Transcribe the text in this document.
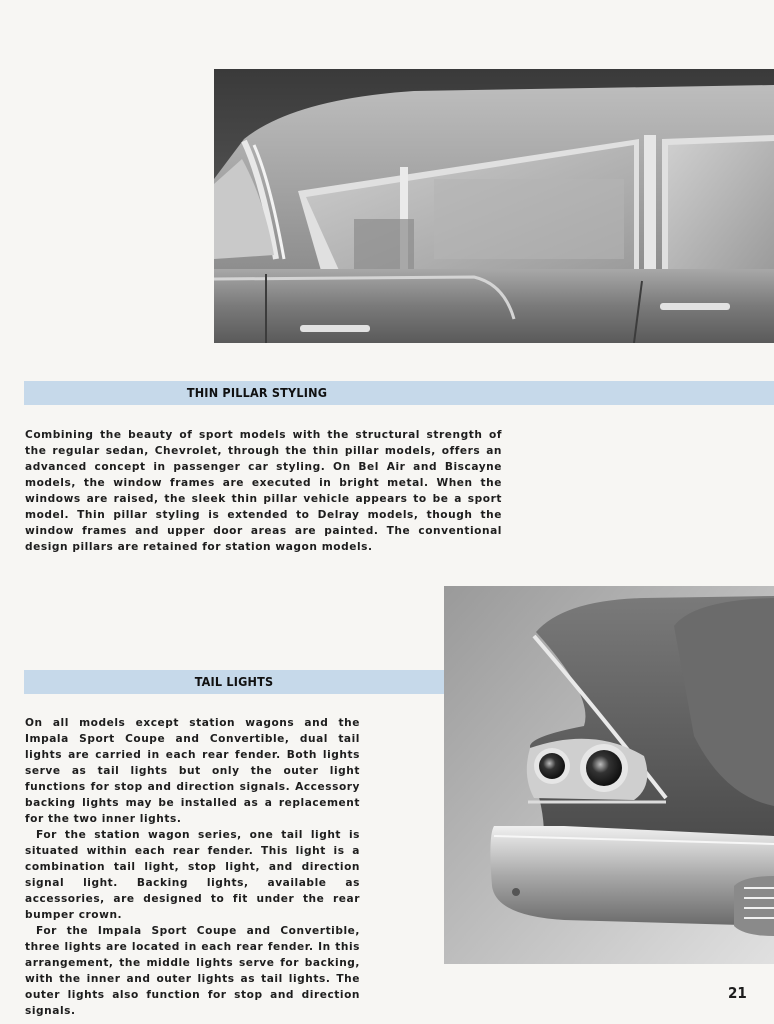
THIN PILLAR STYLING
Combining the beauty of sport models with the structural strength of the regular sedan, Chevrolet, through the thin pillar models, offers an advanced concept in passenger car styling. On Bel Air and Biscayne models, the window frames are executed in bright metal. When the windows are raised, the sleek thin pillar vehicle appears to be a sport model. Thin pillar styling is extended to Delray models, though the window frames and upper door areas are painted. The conventional design pillars are retained for station wagon models.
TAIL LIGHTS

On all models except station wagons and the Impala Sport Coupe and Convertible, dual tail lights are carried in each rear fender. Both lights serve as tail lights but only the outer light functions for stop and direction signals. Accessory backing lights may be installed as a replacement for the two inner lights.

For the station wagon series, one tail light is situated within each rear fender. This light is a combination tail light, stop light, and direction signal light. Backing lights, available as accessories, are designed to fit under the rear bumper crown.

For the Impala Sport Coupe and Convertible, three lights are located in each rear fender. In this arrangement, the middle lights serve for backing, with the inner and outer lights as tail lights. The outer lights also function for stop and direction signals.

21
